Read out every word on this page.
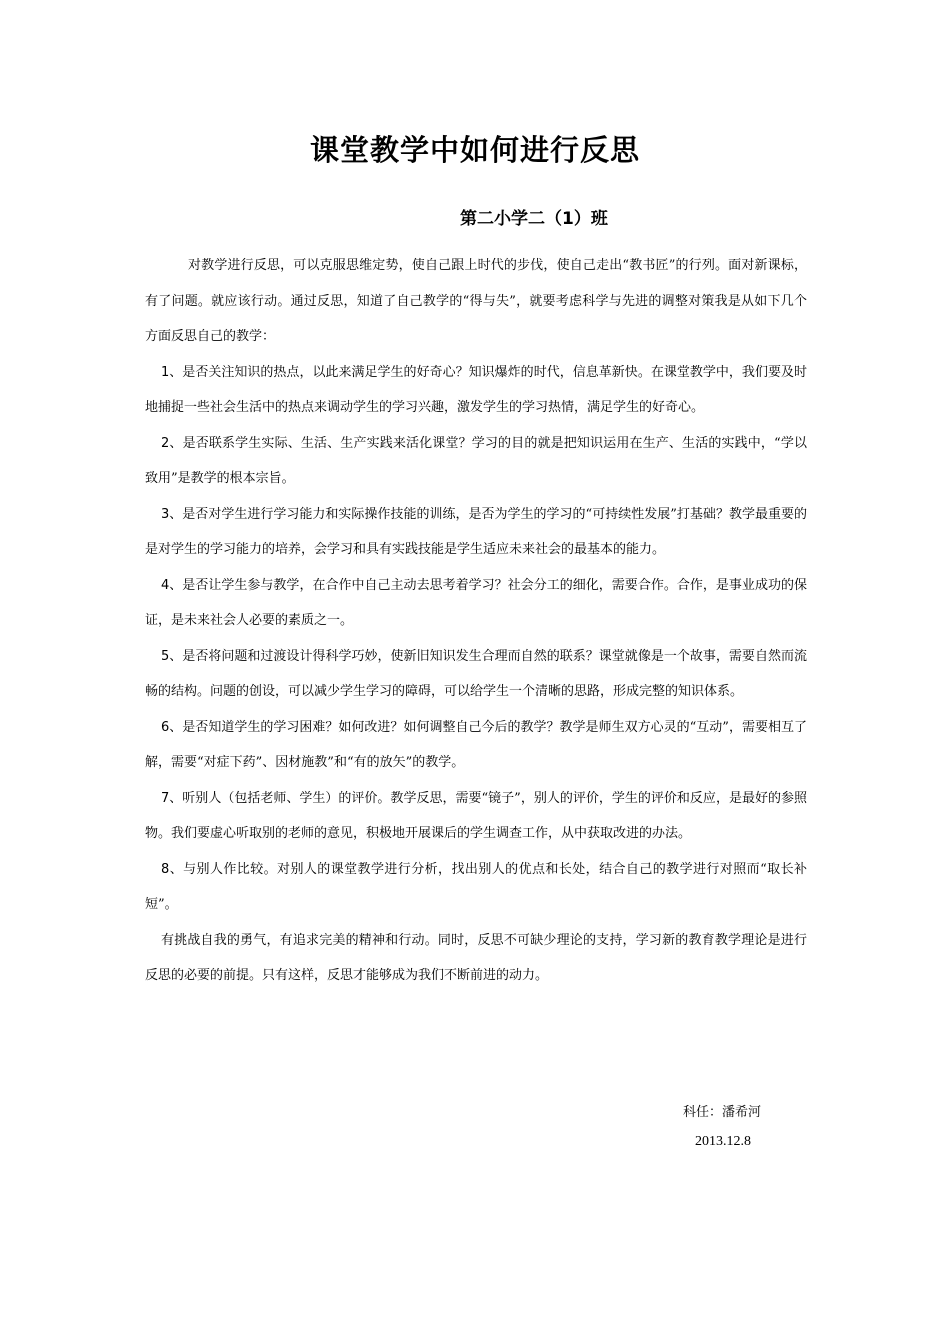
课堂教学中如何进行反思
第二小学二（1）班

对教学进行反思，可以克服思维定势，使自己跟上时代的步伐，使自己走出“教书匠”的行列。面对新课标，有了问题。就应该行动。通过反思，知道了自己教学的“得与失”，就要考虑科学与先进的调整对策我是从如下几个方面反思自己的教学：

1、是否关注知识的热点，以此来满足学生的好奇心？知识爆炸的时代，信息革新快。在课堂教学中，我们要及时地捕捉一些社会生活中的热点来调动学生的学习兴趣，激发学生的学习热情，满足学生的好奇心。

2、是否联系学生实际、生活、生产实践来活化课堂？学习的目的就是把知识运用在生产、生活的实践中，“学以致用”是教学的根本宗旨。

3、是否对学生进行学习能力和实际操作技能的训练，是否为学生的学习的“可持续性发展”打基础？教学最重要的是对学生的学习能力的培养，会学习和具有实践技能是学生适应未来社会的最基本的能力。

4、是否让学生参与教学，在合作中自己主动去思考着学习？社会分工的细化，需要合作。合作，是事业成功的保证，是未来社会人必要的素质之一。

5、是否将问题和过渡设计得科学巧妙，使新旧知识发生合理而自然的联系？课堂就像是一个故事，需要自然而流畅的结构。问题的创设，可以减少学生学习的障碍，可以给学生一个清晰的思路，形成完整的知识体系。

6、是否知道学生的学习困难？如何改进？如何调整自己今后的教学？教学是师生双方心灵的“互动”，需要相互了解，需要“对症下药”、因材施教”和“有的放矢”的教学。

7、听别人（包括老师、学生）的评价。教学反思，需要“镜子”，别人的评价，学生的评价和反应，是最好的参照物。我们要虚心听取别的老师的意见，积极地开展课后的学生调查工作，从中获取改进的办法。

8、与别人作比较。对别人的课堂教学进行分析，找出别人的优点和长处，结合自己的教学进行对照而“取长补短”。

有挑战自我的勇气，有追求完美的精神和行动。同时，反思不可缺少理论的支持，学习新的教育教学理论是进行反思的必要的前提。只有这样，反思才能够成为我们不断前进的动力。

科任：潘希河
2013.12.8
